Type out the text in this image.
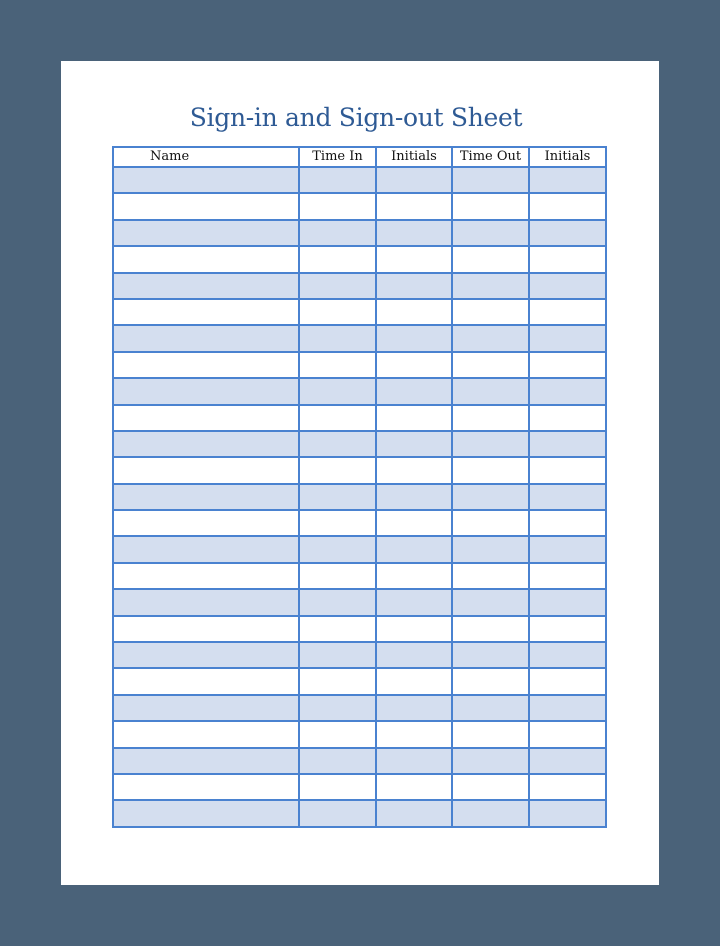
Sign-in and Sign-out Sheet
Name	Time In	Initials	Time Out	Initials
